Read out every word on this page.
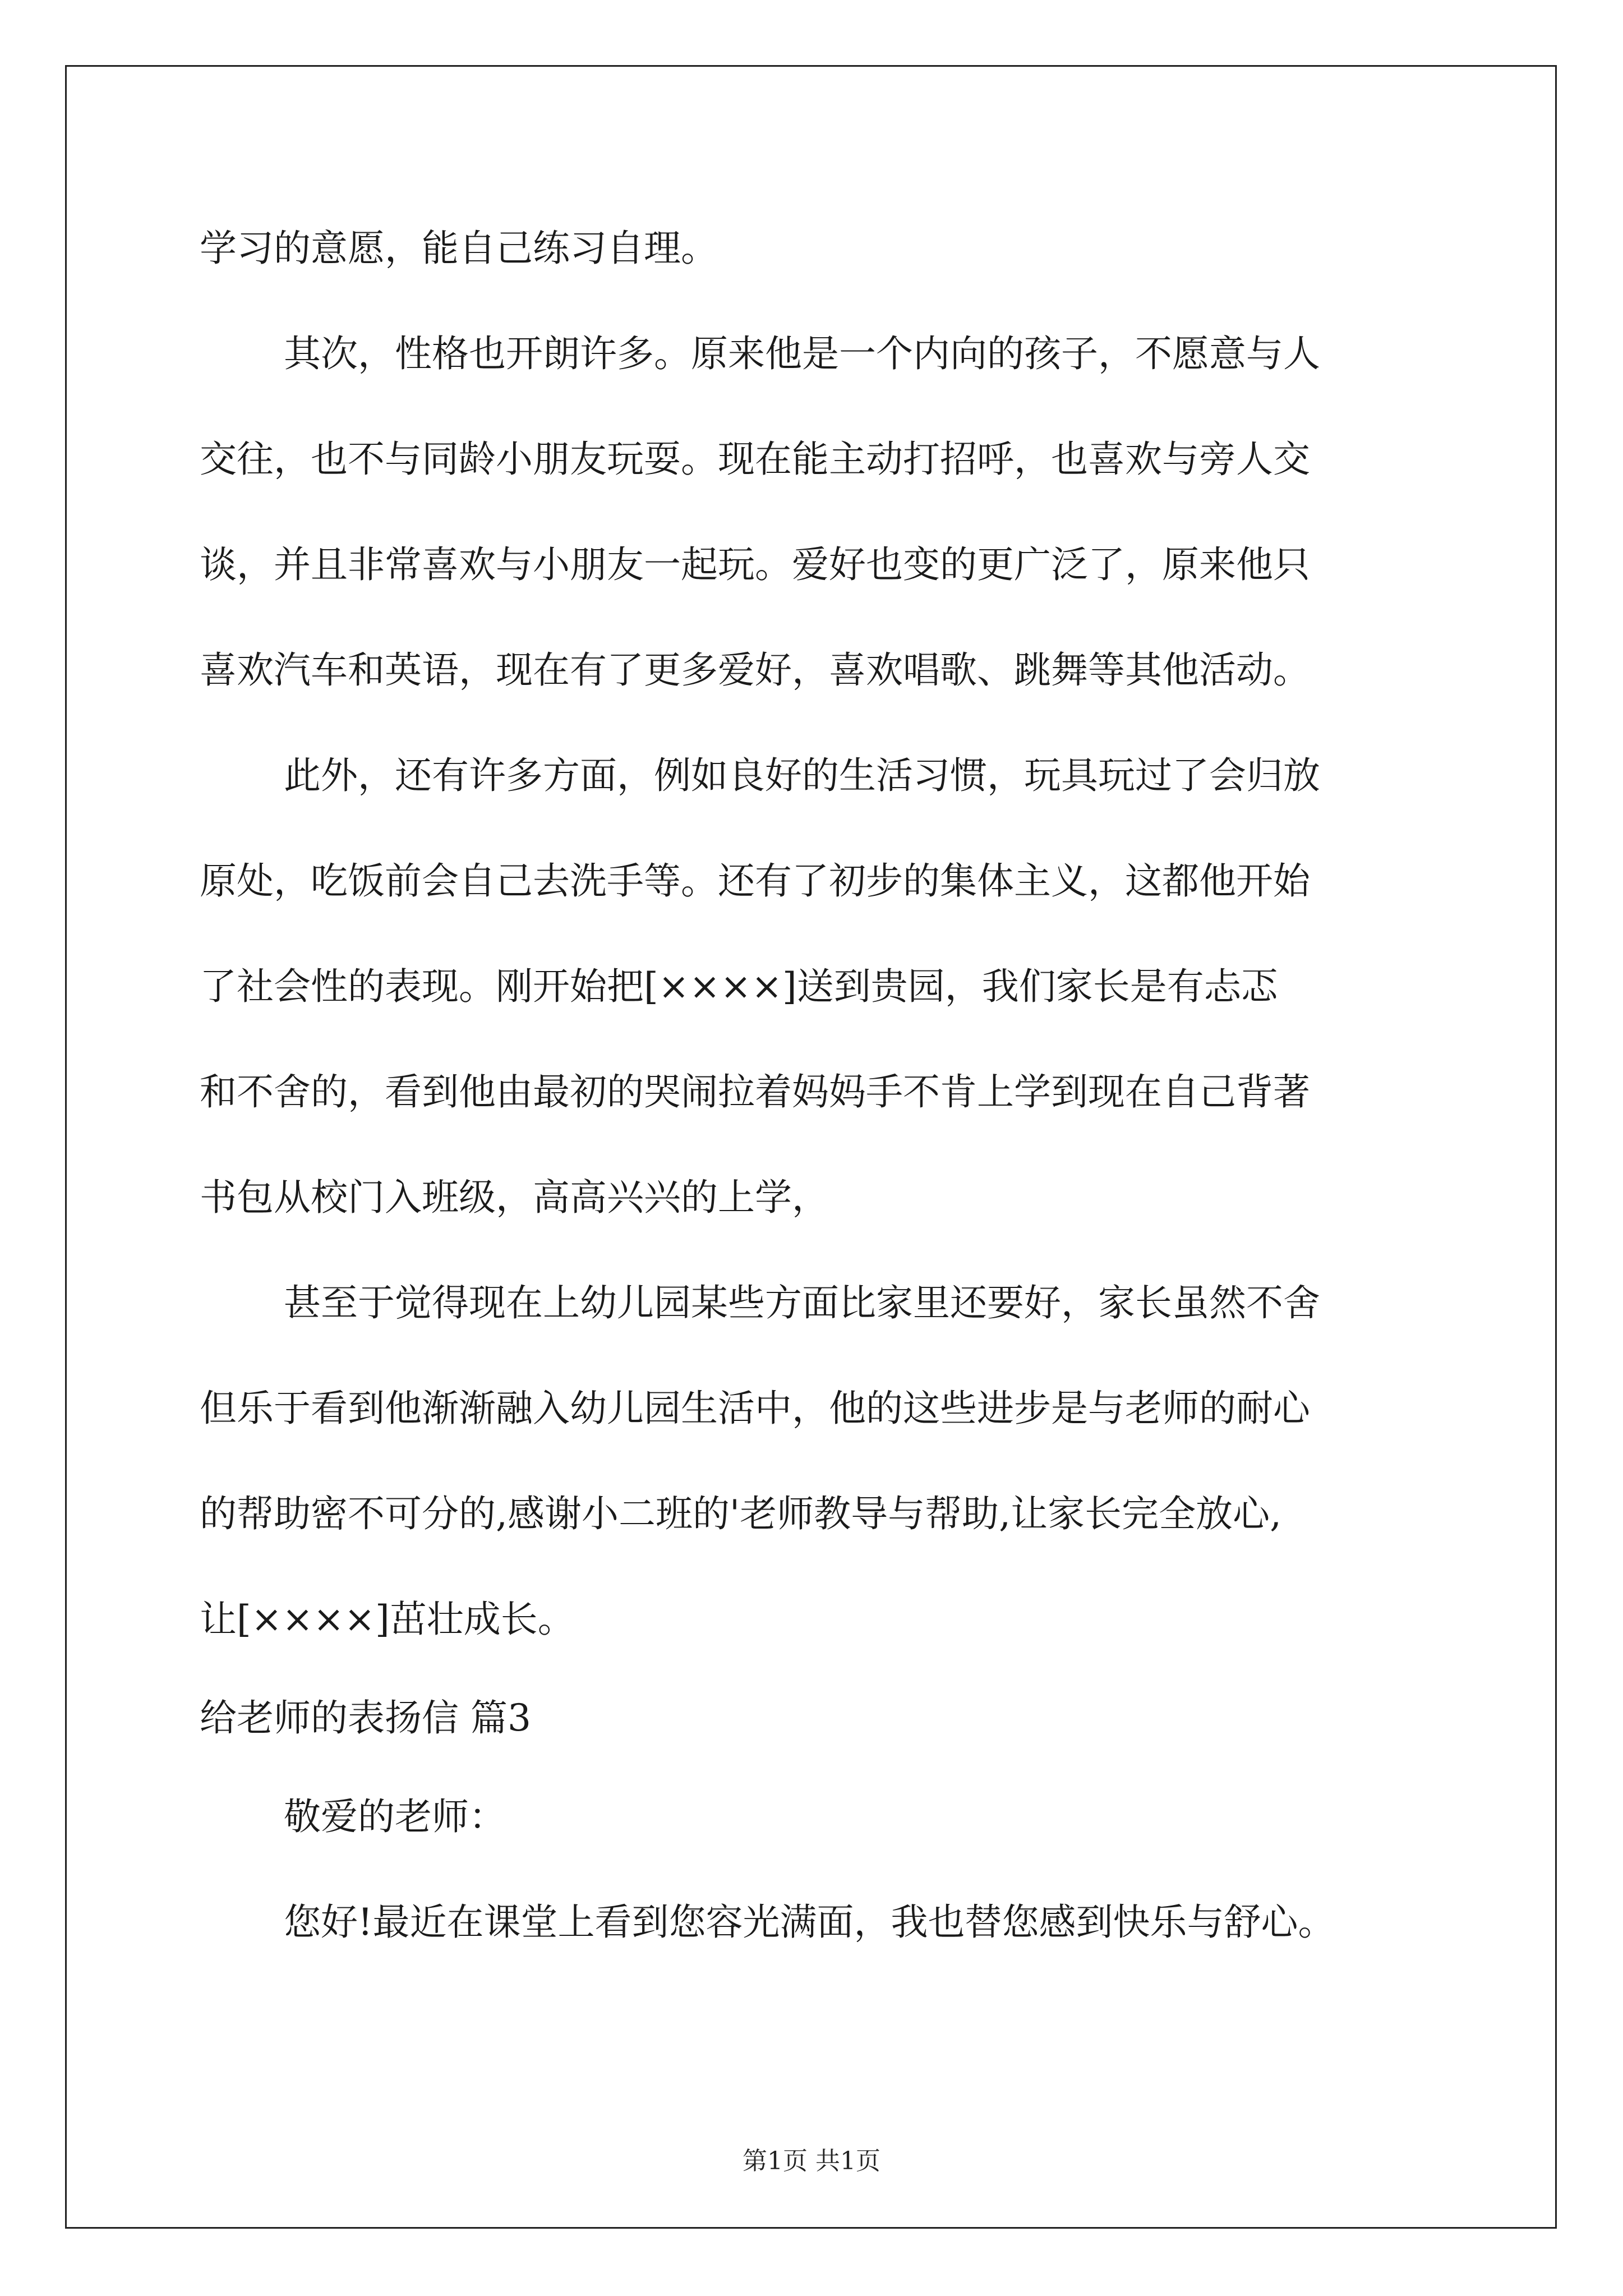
学习的意愿，能自己练习自理。
其次，性格也开朗许多。原来他是一个内向的孩子，不愿意与人
交往，也不与同龄小朋友玩耍。现在能主动打招呼，也喜欢与旁人交
谈，并且非常喜欢与小朋友一起玩。爱好也变的更广泛了，原来他只
喜欢汽车和英语，现在有了更多爱好，喜欢唱歌、跳舞等其他活动。
此外，还有许多方面，例如良好的生活习惯，玩具玩过了会归放
原处，吃饭前会自己去洗手等。还有了初步的集体主义，这都他开始
了社会性的表现。刚开始把[××××]送到贵园，我们家长是有忐忑
和不舍的，看到他由最初的哭闹拉着妈妈手不肯上学到现在自己背著
书包从校门入班级，高高兴兴的上学，
甚至于觉得现在上幼儿园某些方面比家里还要好，家长虽然不舍
但乐于看到他渐渐融入幼儿园生活中，他的这些进步是与老师的耐心
的帮助密不可分的,感谢小二班的'老师教导与帮助,让家长完全放心,
让[××××]茁壮成长。
给老师的表扬信 篇3
敬爱的老师：
您好!最近在课堂上看到您容光满面，我也替您感到快乐与舒心。
第1页 共1页
